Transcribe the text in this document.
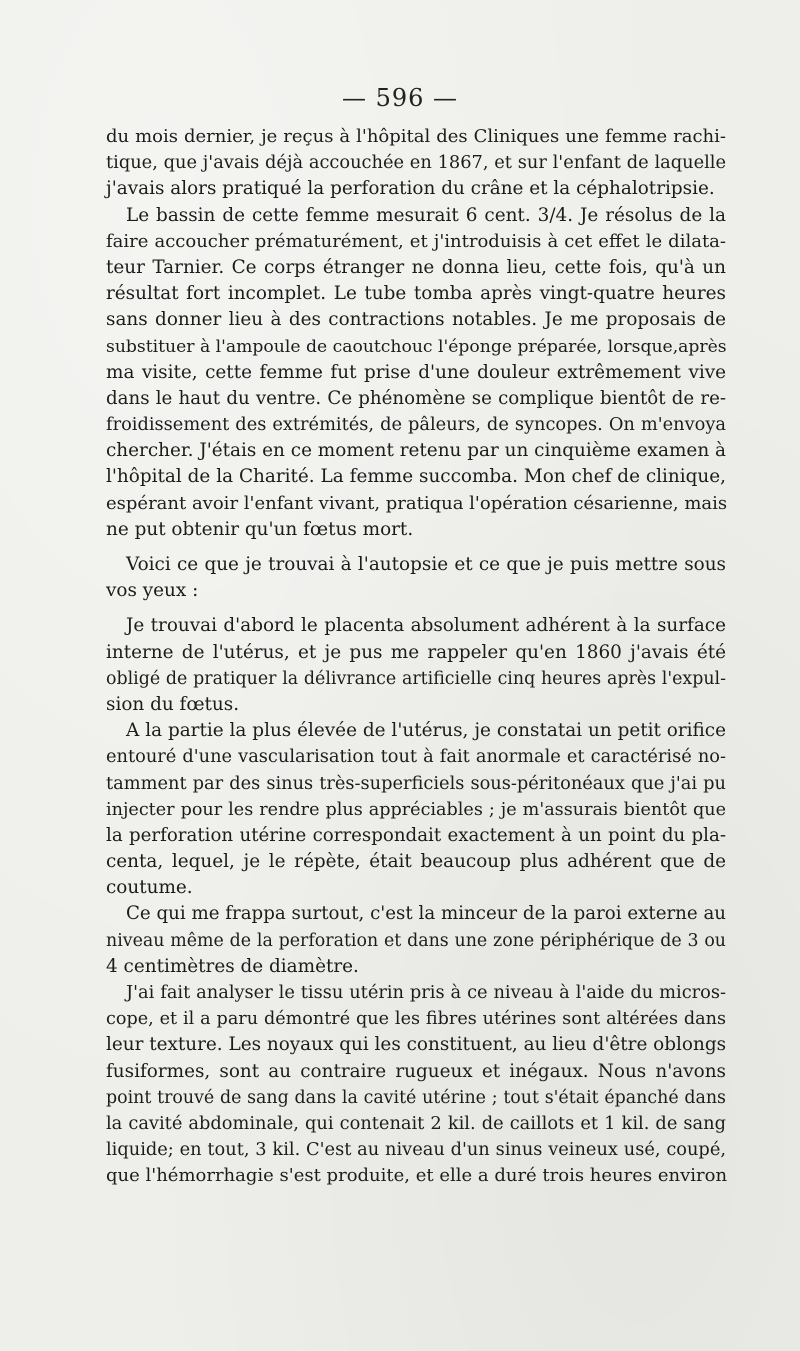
— 596 —
du mois dernier, je reçus à l'hôpital des Cliniques une femme rachi-
tique, que j'avais déjà accouchée en 1867, et sur l'enfant de laquelle
j'avais alors pratiqué la perforation du crâne et la céphalotripsie.
Le bassin de cette femme mesurait 6 cent. 3/4. Je résolus de la
faire accoucher prématurément, et j'introduisis à cet effet le dilata-
teur Tarnier. Ce corps étranger ne donna lieu, cette fois, qu'à un
résultat fort incomplet. Le tube tomba après vingt-quatre heures
sans donner lieu à des contractions notables. Je me proposais de
substituer à l'ampoule de caoutchouc l'éponge préparée, lorsque,après
ma visite, cette femme fut prise d'une douleur extrêmement vive
dans le haut du ventre. Ce phénomène se complique bientôt de re-
froidissement des extrémités, de pâleurs, de syncopes. On m'envoya
chercher. J'étais en ce moment retenu par un cinquième examen à
l'hôpital de la Charité. La femme succomba. Mon chef de clinique,
espérant avoir l'enfant vivant, pratiqua l'opération césarienne, mais
ne put obtenir qu'un fœtus mort.
Voici ce que je trouvai à l'autopsie et ce que je puis mettre sous
vos yeux :
Je trouvai d'abord le placenta absolument adhérent à la surface
interne de l'utérus, et je pus me rappeler qu'en 1860 j'avais été
obligé de pratiquer la délivrance artificielle cinq heures après l'expul-
sion du fœtus.
A la partie la plus élevée de l'utérus, je constatai un petit orifice
entouré d'une vascularisation tout à fait anormale et caractérisé no-
tamment par des sinus très-superficiels sous-péritonéaux que j'ai pu
injecter pour les rendre plus appréciables ; je m'assurais bientôt que
la perforation utérine correspondait exactement à un point du pla-
centa, lequel, je le répète, était beaucoup plus adhérent que de
coutume.
Ce qui me frappa surtout, c'est la minceur de la paroi externe au
niveau même de la perforation et dans une zone périphérique de 3 ou
4 centimètres de diamètre.
J'ai fait analyser le tissu utérin pris à ce niveau à l'aide du micros-
cope, et il a paru démontré que les fibres utérines sont altérées dans
leur texture. Les noyaux qui les constituent, au lieu d'être oblongs
fusiformes, sont au contraire rugueux et inégaux. Nous n'avons
point trouvé de sang dans la cavité utérine ; tout s'était épanché dans
la cavité abdominale, qui contenait 2 kil. de caillots et 1 kil. de sang
liquide; en tout, 3 kil. C'est au niveau d'un sinus veineux usé, coupé,
que l'hémorrhagie s'est produite, et elle a duré trois heures environ
